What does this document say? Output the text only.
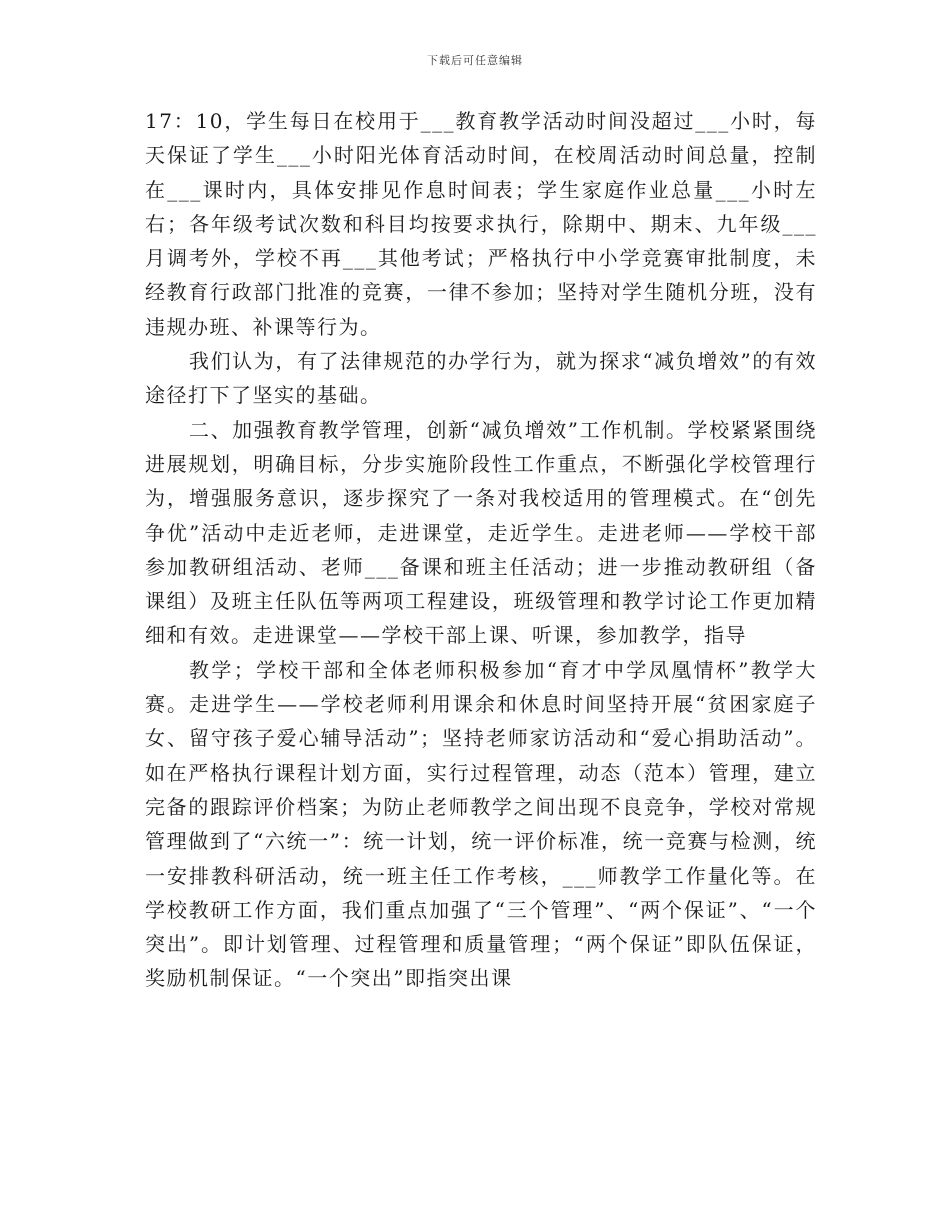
下载后可任意编辑

17：10，学生每日在校用于___教育教学活动时间没超过___小时，每天保证了学生___小时阳光体育活动时间，在校周活动时间总量，控制在___课时内，具体安排见作息时间表；学生家庭作业总量___小时左右；各年级考试次数和科目均按要求执行，除期中、期末、九年级___月调考外，学校不再___其他考试；严格执行中小学竞赛审批制度，未经教育行政部门批准的竞赛，一律不参加；坚持对学生随机分班，没有违规办班、补课等行为。

我们认为，有了法律规范的办学行为，就为探求“减负增效”的有效途径打下了坚实的基础。

二、加强教育教学管理，创新“减负增效”工作机制。学校紧紧围绕进展规划，明确目标，分步实施阶段性工作重点，不断强化学校管理行为，增强服务意识，逐步探究了一条对我校适用的管理模式。在“创先争优”活动中走近老师，走进课堂，走近学生。走进老师——学校干部参加教研组活动、老师___备课和班主任活动；进一步推动教研组（备课组）及班主任队伍等两项工程建设，班级管理和教学讨论工作更加精细和有效。走进课堂——学校干部上课、听课，参加教学，指导

教学；学校干部和全体老师积极参加“育才中学凤凰情杯”教学大赛。走进学生——学校老师利用课余和休息时间坚持开展“贫困家庭子女、留守孩子爱心辅导活动”；坚持老师家访活动和“爱心捐助活动”。如在严格执行课程计划方面，实行过程管理，动态（范本）管理，建立完备的跟踪评价档案；为防止老师教学之间出现不良竞争，学校对常规管理做到了“六统一”：统一计划，统一评价标准，统一竞赛与检测，统一安排教科研活动，统一班主任工作考核，___师教学工作量化等。在学校教研工作方面，我们重点加强了“三个管理”、“两个保证”、“一个突出”。即计划管理、过程管理和质量管理；“两个保证”即队伍保证，奖励机制保证。“一个突出”即指突出课
